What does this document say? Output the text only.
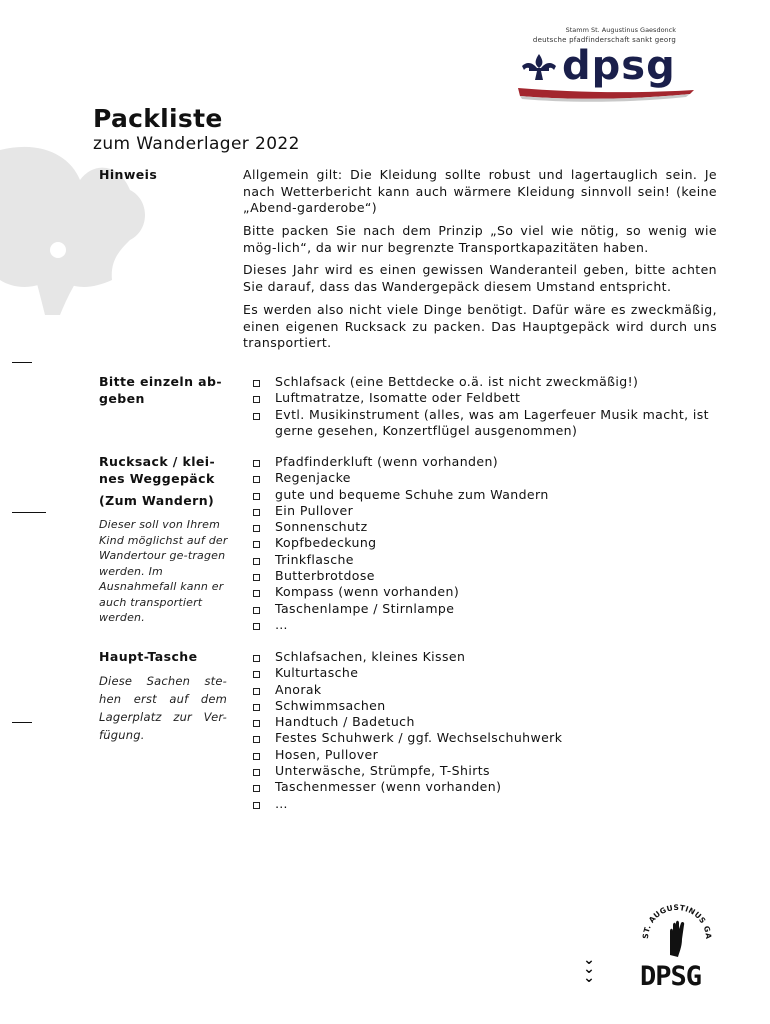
Stamm St. Augustinus Gaesdonck
deutsche pfadfinderschaft sankt georg
dpsg
Packliste
zum Wanderlager 2022
Hinweis	Allgemein gilt: Die Kleidung sollte robust und lagertauglich sein. Je nach Wetterbericht kann auch wärmere Kleidung sinnvoll sein! (keine „Abend-garderobe“)

Bitte packen Sie nach dem Prinzip „So viel wie nötig, so wenig wie mög-lich“, da wir nur begrenzte Transportkapazitäten haben.

Dieses Jahr wird es einen gewissen Wanderanteil geben, bitte achten Sie darauf, dass das Wandergepäck diesem Umstand entspricht.

Es werden also nicht viele Dinge benötigt. Dafür wäre es zweckmäßig, einen eigenen Rucksack zu packen. Das Hauptgepäck wird durch uns transportiert.

Bitte einzeln ab-geben
Schlafsack (eine Bettdecke o.ä. ist nicht zweckmäßig!)
Luftmatratze, Isomatte oder Feldbett
Evtl. Musikinstrument (alles, was am Lagerfeuer Musik macht, ist gerne gesehen, Konzertflügel ausgenommen)
Rucksack / klei-nes Weggepäck
(Zum Wandern)
Dieser soll von Ihrem Kind möglichst auf der Wandertour ge-tragen werden. Im Ausnahmefall kann er auch transportiert werden.
Pfadfinderkluft (wenn vorhanden)
Regenjacke
gute und bequeme Schuhe zum Wandern
Ein Pullover
Sonnenschutz
Kopfbedeckung
Trinkflasche
Butterbrotdose
Kompass (wenn vorhanden)
Taschenlampe / Stirnlampe
…
Haupt-Tasche
Diese Sachen ste-hen erst auf dem Lagerplatz zur Ver-fügung.
Schlafsachen, kleines Kissen
Kulturtasche
Anorak
Schwimmsachen
Handtuch / Badetuch
Festes Schuhwerk / ggf. Wechselschuhwerk
Hosen, Pullover
Unterwäsche, Strümpfe, T-Shirts
Taschenmesser (wenn vorhanden)
…
⌄
⌄
⌄
ST. AUGUSTINUS GA
DPSG
